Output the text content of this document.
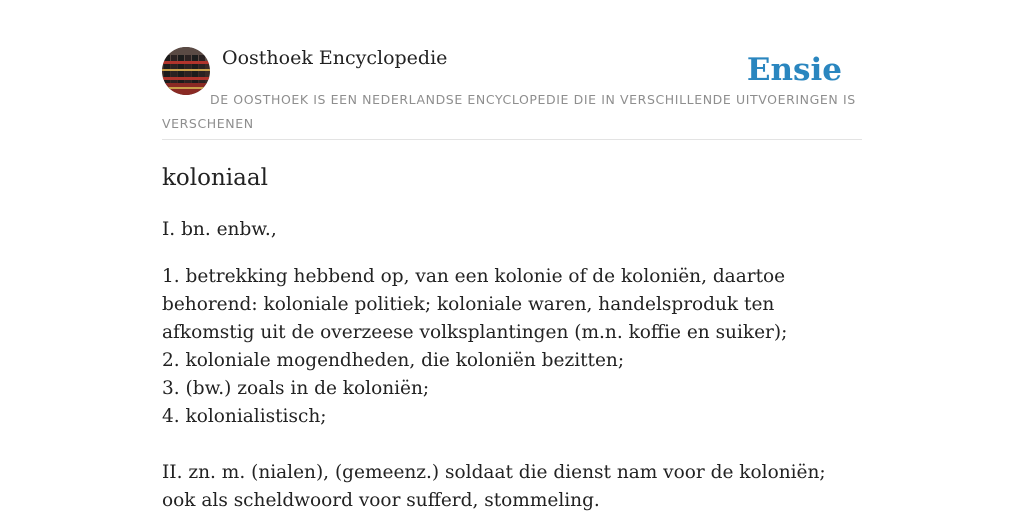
Oosthoek Encyclopedie	Ensie
DE OOSTHOEK IS EEN NEDERLANDSE ENCYCLOPEDIE DIE IN VERSCHILLENDE UITVOERINGEN IS VERSCHENEN
koloniaal

I. bn. enbw.,

1. betrekking hebbend op, van een kolonie of de koloniën, daartoe behorend: koloniale politiek; koloniale waren, handelsproduk ten afkomstig uit de overzeese volksplantingen (m.n. koffie en suiker);

2. koloniale mogendheden, die koloniën bezitten;

3. (bw.) zoals in de koloniën;

4. kolonialistisch;

II. zn. m. (nialen), (gemeenz.) soldaat die dienst nam voor de koloniën; ook als scheldwoord voor sufferd, stommeling.
